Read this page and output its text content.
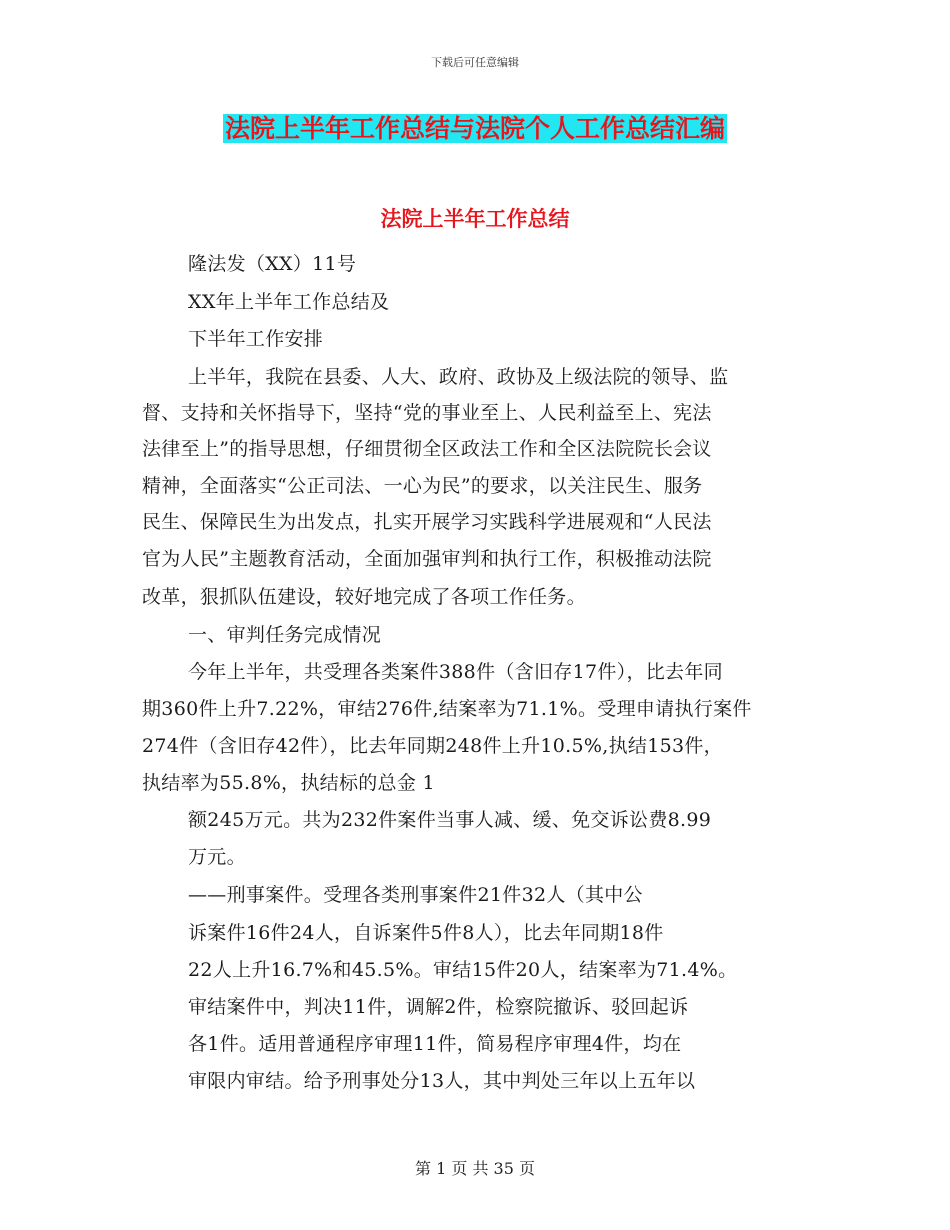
下载后可任意编辑
法院上半年工作总结与法院个人工作总结汇编
法院上半年工作总结
隆法发（XX）11号
XX年上半年工作总结及
下半年工作安排
上半年，我院在县委、人大、政府、政协及上级法院的领导、监
督、支持和关怀指导下，坚持“党的事业至上、人民利益至上、宪法
法律至上”的指导思想，仔细贯彻全区政法工作和全区法院院长会议
精神，全面落实“公正司法、一心为民”的要求，以关注民生、服务
民生、保障民生为出发点，扎实开展学习实践科学进展观和“人民法
官为人民”主题教育活动，全面加强审判和执行工作，积极推动法院
改革，狠抓队伍建设，较好地完成了各项工作任务。
一、审判任务完成情况
今年上半年，共受理各类案件388件（含旧存17件），比去年同
期360件上升7.22%，审结276件,结案率为71.1%。受理申请执行案件
274件（含旧存42件），比去年同期248件上升10.5%,执结153件，
执结率为55.8%，执结标的总金 1
额245万元。共为232件案件当事人减、缓、免交诉讼费8.99
万元。
——刑事案件。受理各类刑事案件21件32人（其中公
诉案件16件24人，自诉案件5件8人），比去年同期18件
22人上升16.7%和45.5%。审结15件20人，结案率为71.4%。
审结案件中，判决11件，调解2件，检察院撤诉、驳回起诉
各1件。适用普通程序审理11件，简易程序审理4件，均在
审限内审结。给予刑事处分13人，其中判处三年以上五年以
第 1 页 共 35 页
